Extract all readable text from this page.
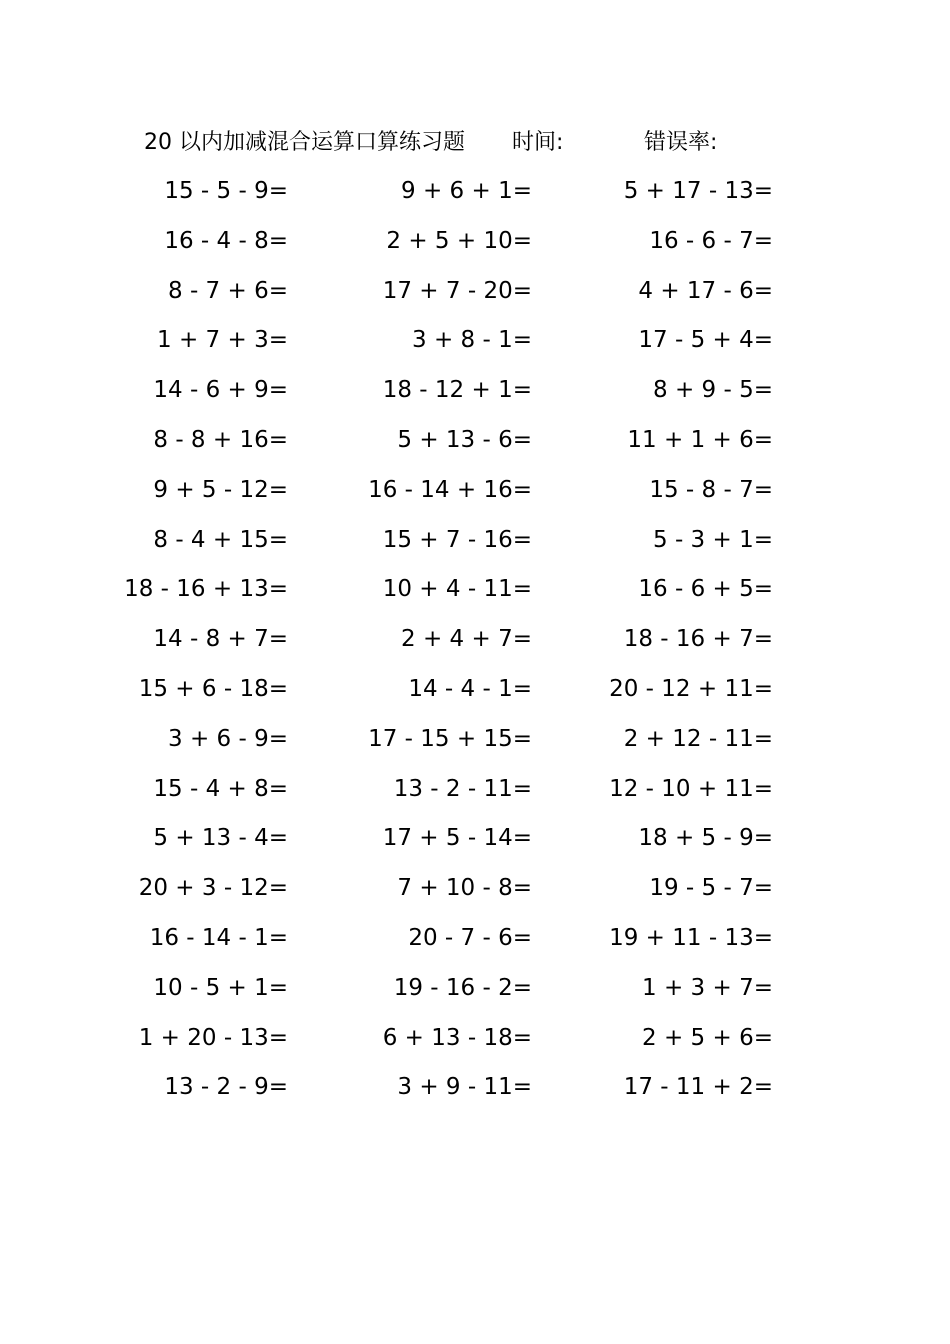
20 以内加减混合运算口算练习题 时间:	错误率:
15 - 5 - 9=	9 + 6 + 1=	5 + 17 - 13=
16 - 4 - 8=	2 + 5 + 10=	16 - 6 - 7=
8 - 7 + 6=	17 + 7 - 20=	4 + 17 - 6=
1 + 7 + 3=	3 + 8 - 1=	17 - 5 + 4=
14 - 6 + 9=	18 - 12 + 1=	8 + 9 - 5=
8 - 8 + 16=	5 + 13 - 6=	11 + 1 + 6=
9 + 5 - 12=	16 - 14 + 16=	15 - 8 - 7=
8 - 4 + 15=	15 + 7 - 16=	5 - 3 + 1=
18 - 16 + 13=	10 + 4 - 11=	16 - 6 + 5=
14 - 8 + 7=	2 + 4 + 7=	18 - 16 + 7=
15 + 6 - 18=	14 - 4 - 1=	20 - 12 + 11=
3 + 6 - 9=	17 - 15 + 15=	2 + 12 - 11=
15 - 4 + 8=	13 - 2 - 11=	12 - 10 + 11=
5 + 13 - 4=	17 + 5 - 14=	18 + 5 - 9=
20 + 3 - 12=	7 + 10 - 8=	19 - 5 - 7=
16 - 14 - 1=	20 - 7 - 6=	19 + 11 - 13=
10 - 5 + 1=	19 - 16 - 2=	1 + 3 + 7=
1 + 20 - 13=	6 + 13 - 18=	2 + 5 + 6=
13 - 2 - 9=	3 + 9 - 11=	17 - 11 + 2=
